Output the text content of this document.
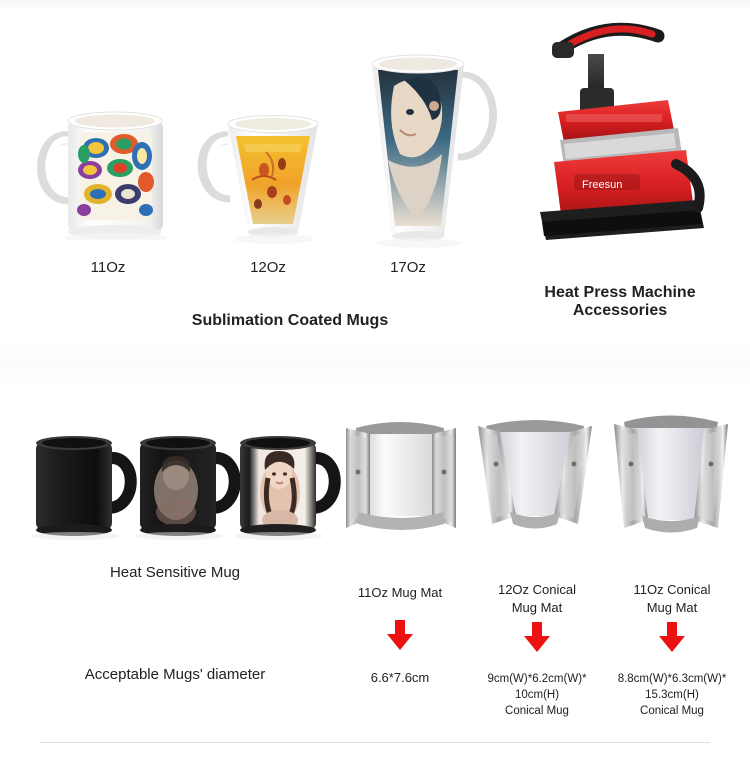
Freesun
11Oz	12Oz	17Oz
Sublimation Coated Mugs
Heat Press Machine
Accessories
Heat Sensitive Mug
Acceptable Mugs' diameter
11Oz Mug Mat
6.6*7.6cm
12Oz Conical
Mug Mat
9cm(W)*6.2cm(W)*
10cm(H)
Conical Mug
11Oz Conical
Mug Mat
8.8cm(W)*6.3cm(W)*
15.3cm(H)
Conical Mug
